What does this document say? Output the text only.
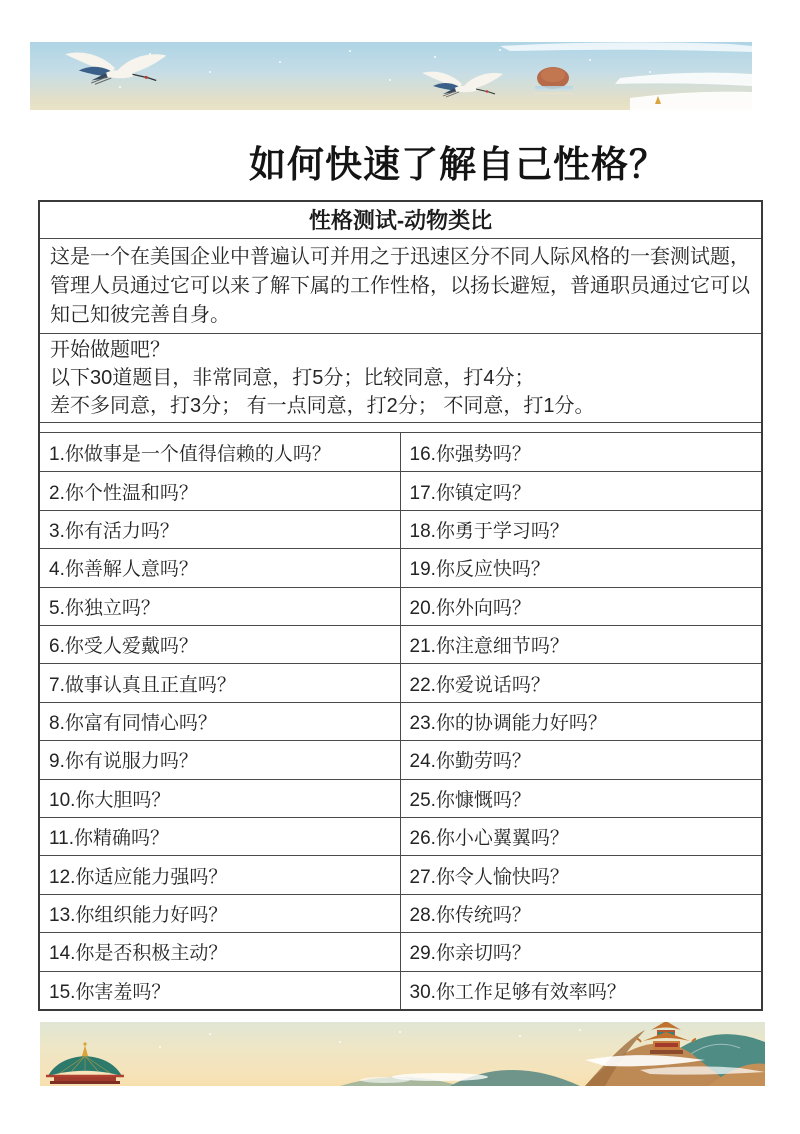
如何快速了解自己性格？
性格测试-动物类比
这是一个在美国企业中普遍认可并用之于迅速区分不同人际风格的一套测试题，
管理人员通过它可以来了解下属的工作性格，以扬长避短，普通职员通过它可以
知己知彼完善自身。
开始做题吧？
以下30道题目，非常同意，打5分；比较同意，打4分；
差不多同意，打3分； 有一点同意，打2分； 不同意，打1分。
1.你做事是一个值得信赖的人吗？	16.你强势吗？
2.你个性温和吗？	17.你镇定吗？
3.你有活力吗？	18.你勇于学习吗？
4.你善解人意吗？	19.你反应快吗？
5.你独立吗？	20.你外向吗？
6.你受人爱戴吗？	21.你注意细节吗？
7.做事认真且正直吗？	22.你爱说话吗？
8.你富有同情心吗？	23.你的协调能力好吗？
9.你有说服力吗？	24.你勤劳吗？
10.你大胆吗？	25.你慷慨吗？
11.你精确吗？	26.你小心翼翼吗？
12.你适应能力强吗？	27.你令人愉快吗？
13.你组织能力好吗？	28.你传统吗？
14.你是否积极主动？	29.你亲切吗？
15.你害羞吗？	30.你工作足够有效率吗？
